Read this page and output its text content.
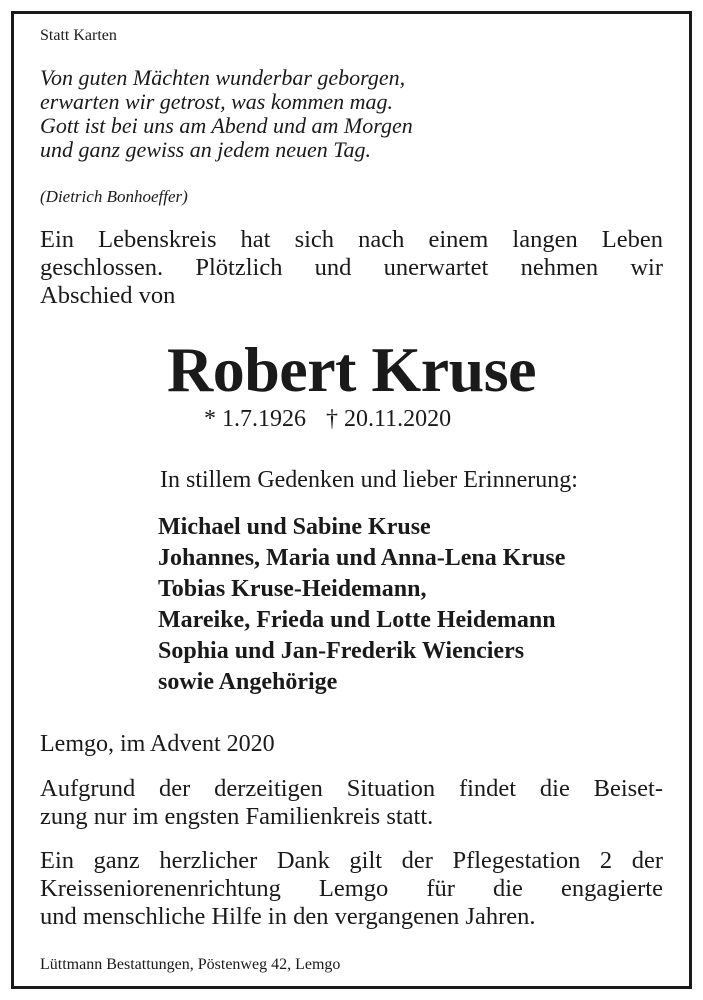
Statt Karten
Von guten Mächten wunderbar geborgen,
erwarten wir getrost, was kommen mag.
Gott ist bei uns am Abend und am Morgen
und ganz gewiss an jedem neuen Tag.
(Dietrich Bonhoeffer)
Ein Lebenskreis hat sich nach einem langen Leben
geschlossen. Plötzlich und unerwartet nehmen wir
Abschied von
Robert Kruse
* 1.7.1926 † 20.11.2020
In stillem Gedenken und lieber Erinnerung:
Michael und Sabine Kruse
Johannes, Maria und Anna-Lena Kruse
Tobias Kruse-Heidemann,
Mareike, Frieda und Lotte Heidemann
Sophia und Jan-Frederik Wienciers
sowie Angehörige
Lemgo, im Advent 2020
Aufgrund der derzeitigen Situation findet die Beiset-
zung nur im engsten Familienkreis statt.
Ein ganz herzlicher Dank gilt der Pflegestation 2 der
Kreisseniorenenrichtung Lemgo für die engagierte
und menschliche Hilfe in den vergangenen Jahren.
Lüttmann Bestattungen, Pöstenweg 42, Lemgo
